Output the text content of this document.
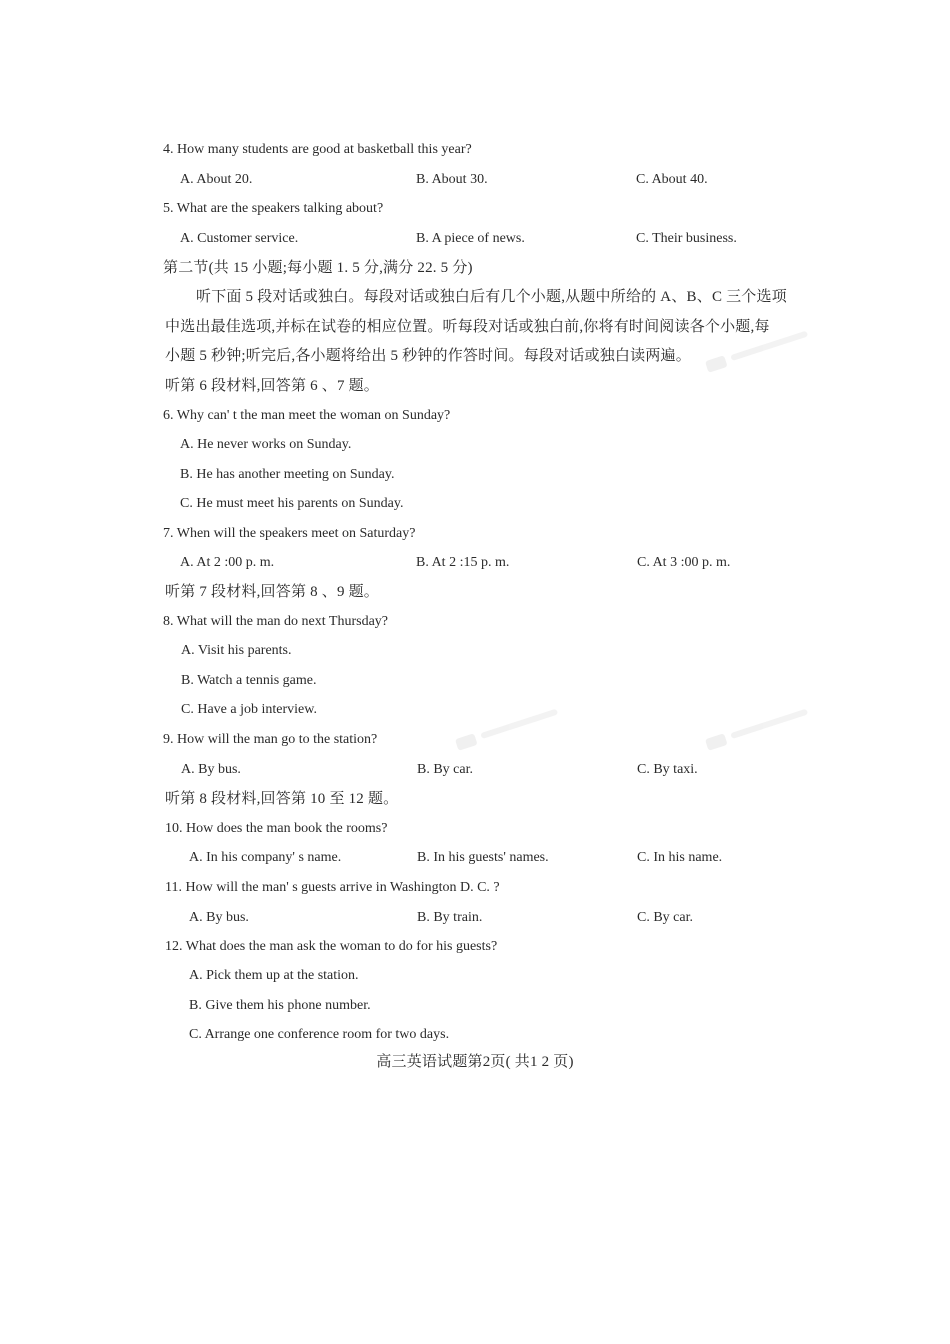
4. How many students are good at basketball this year?
A. About 20.	B. About 30.	C. About 40.
5. What are the speakers talking about?
A. Customer service.	B. A piece of news.	C. Their business.
第二节(共 15 小题;每小题 1. 5 分,满分 22. 5 分)
听下面 5 段对话或独白。每段对话或独白后有几个小题,从题中所给的 A、B、C 三个选项
中选出最佳选项,并标在试卷的相应位置。听每段对话或独白前,你将有时间阅读各个小题,每
小题 5 秒钟;听完后,各小题将给出 5 秒钟的作答时间。每段对话或独白读两遍。
听第 6 段材料,回答第 6 、7 题。
6. Why can' t the man meet the woman on Sunday?
A. He never works on Sunday.
B. He has another meeting on Sunday.
C. He must meet his parents on Sunday.
7. When will the speakers meet on Saturday?
A. At 2 :00 p. m.	B. At 2 :15 p. m.	C. At 3 :00 p. m.
听第 7 段材料,回答第 8 、9 题。
8. What will the man do next Thursday?
A. Visit his parents.
B. Watch a tennis game.
C. Have a job interview.
9. How will the man go to the station?
A. By bus.	B. By car.	C. By taxi.
听第 8 段材料,回答第 10 至 12 题。
10. How does the man book the rooms?
A. In his company' s name.	B. In his guests' names.	C. In his name.
11. How will the man' s guests arrive in Washington D. C. ?
A. By bus.	B. By train.	C. By car.
12. What does the man ask the woman to do for his guests?
A. Pick them up at the station.
B. Give them his phone number.
C. Arrange one conference room for two days.
高三英语试题第2页( 共1 2 页)
